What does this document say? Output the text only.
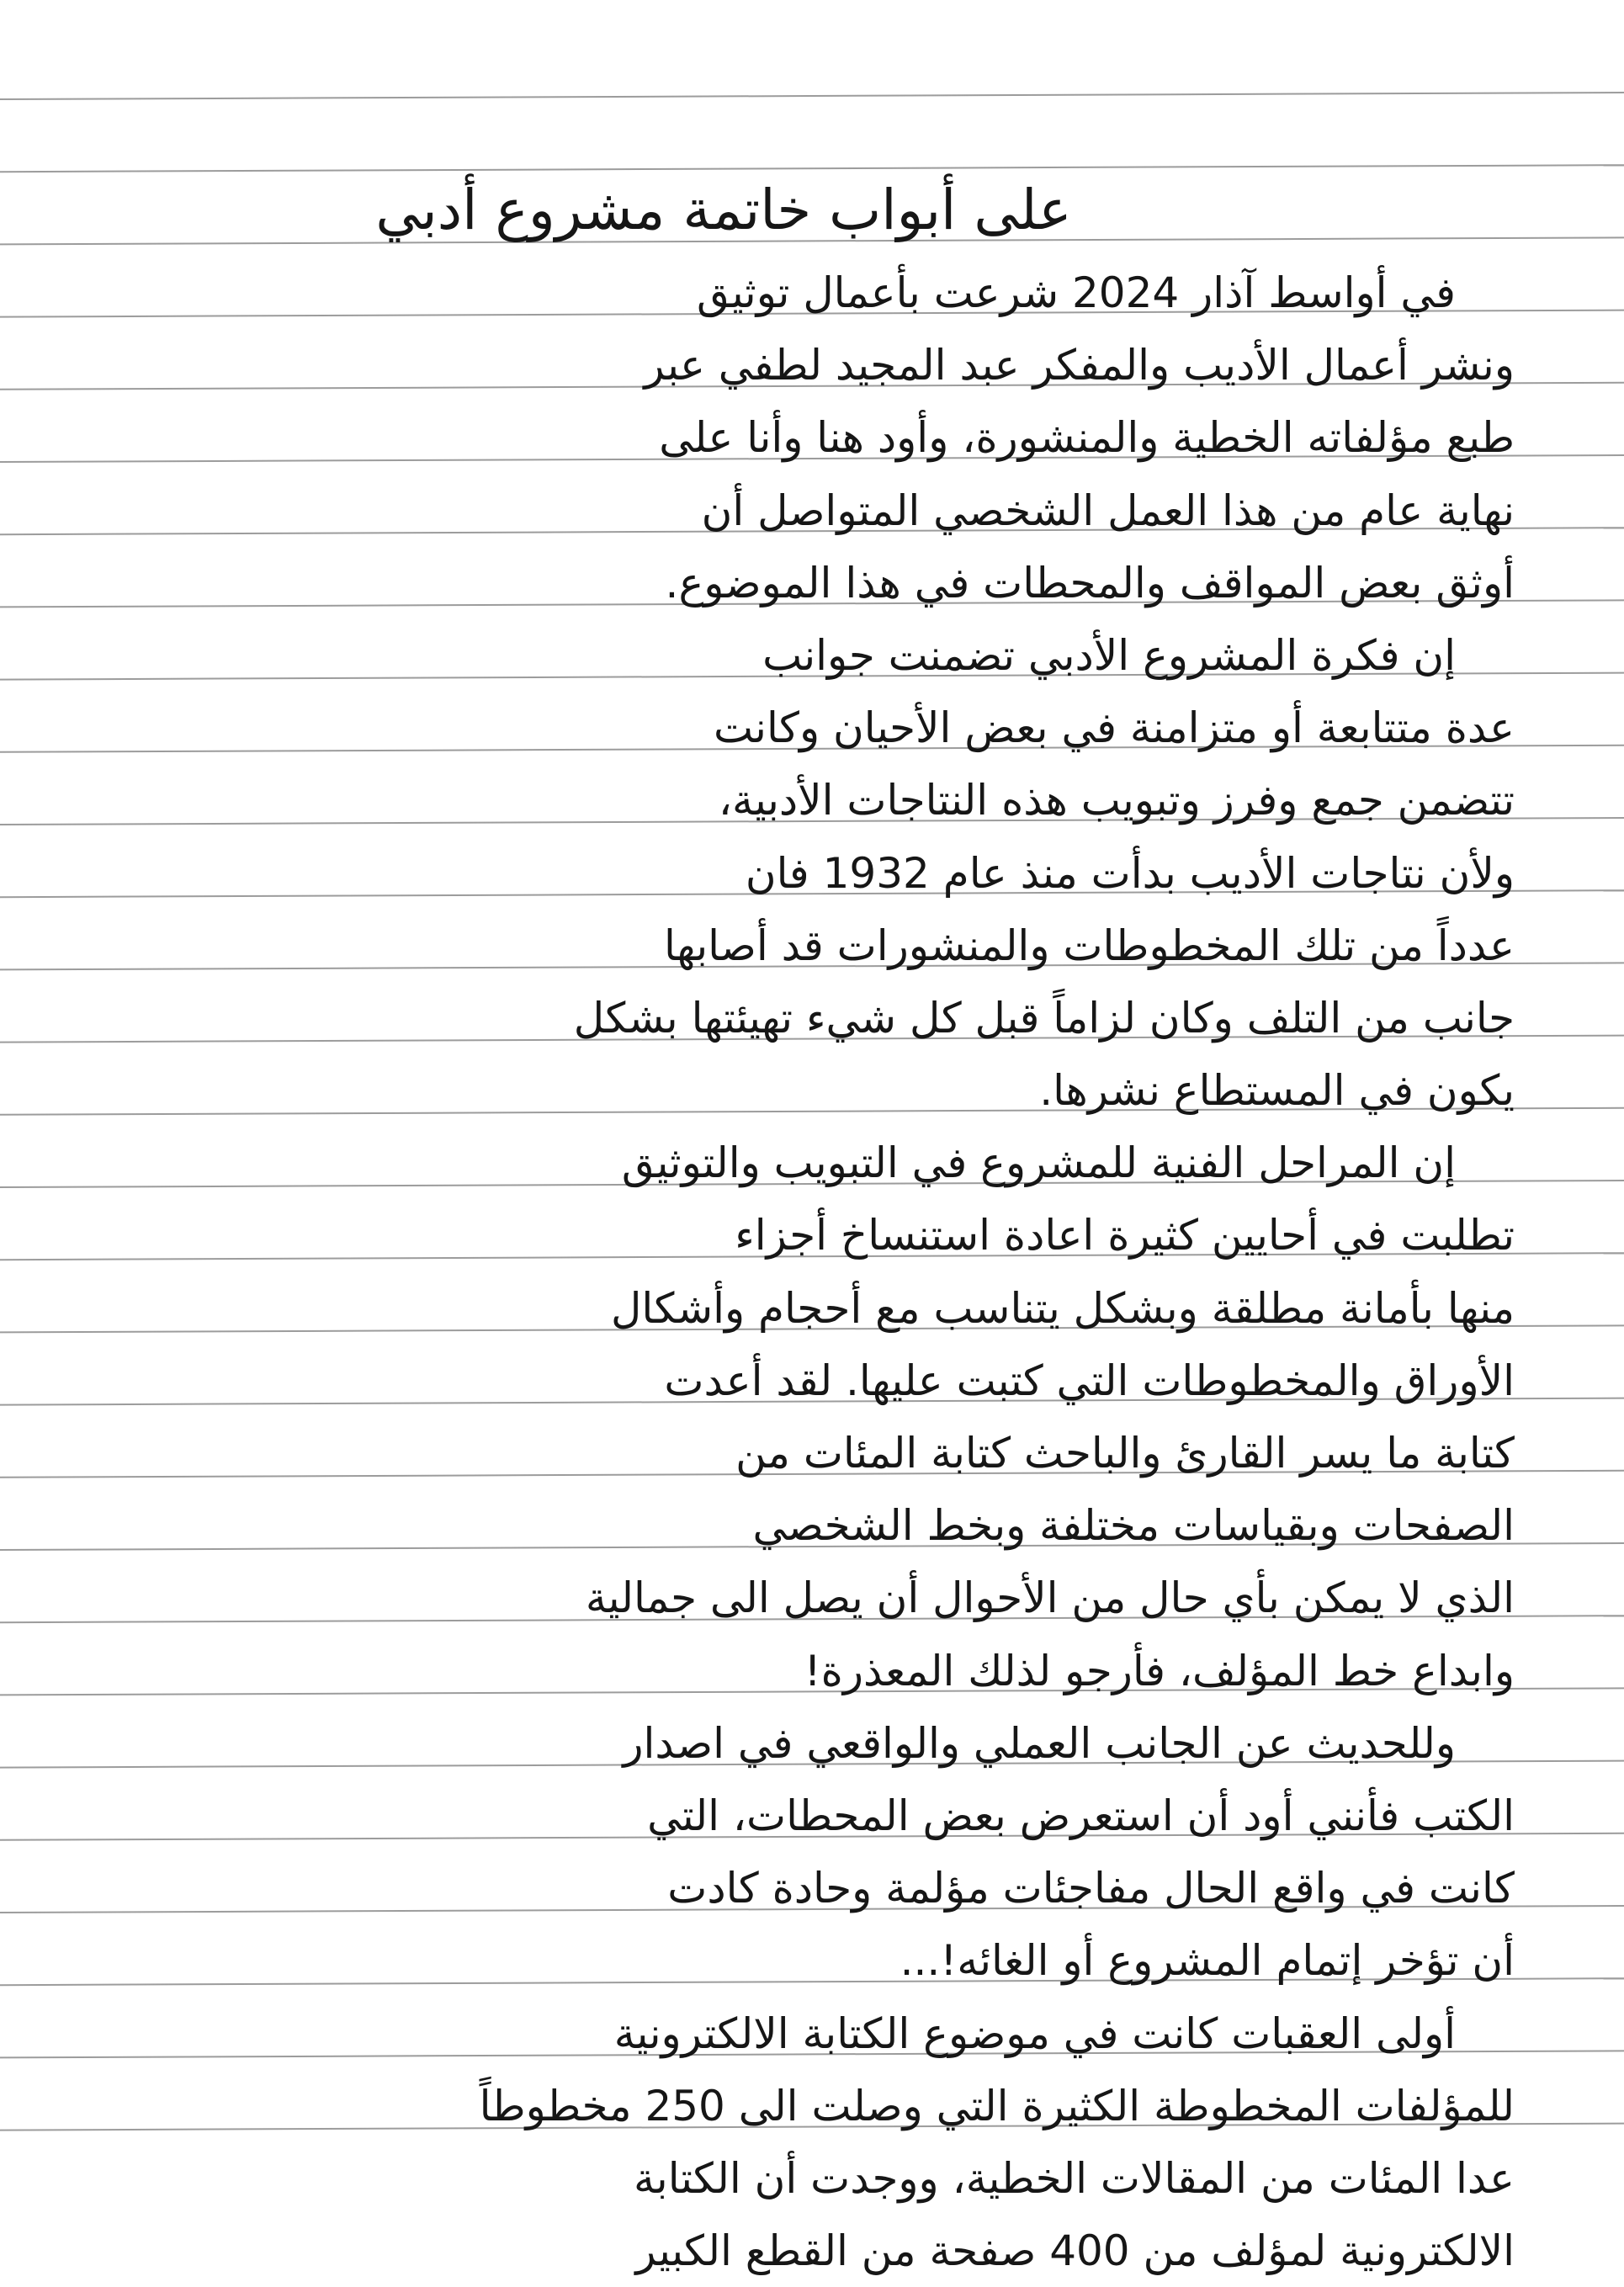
على أبواب خاتمة مشروع أدبي
في أواسط آذار 2024 شرعت بأعمال توثيق
ونشر أعمال الأديب والمفكر عبد المجيد لطفي عبر
طبع مؤلفاته الخطية والمنشورة، وأود هنا وأنا على
نهاية عام من هذا العمل الشخصي المتواصل أن
أوثق بعض المواقف والمحطات في هذا الموضوع.
إن فكرة المشروع الأدبي تضمنت جوانب
عدة متتابعة أو متزامنة في بعض الأحيان وكانت
تتضمن جمع وفرز وتبويب هذه النتاجات الأدبية،
ولأن نتاجات الأديب بدأت منذ عام 1932 فان
عدداً من تلك المخطوطات والمنشورات قد أصابها
جانب من التلف وكان لزاماً قبل كل شيء تهيئتها بشكل
يكون في المستطاع نشرها.
إن المراحل الفنية للمشروع في التبويب والتوثيق
تطلبت في أحايين كثيرة اعادة استنساخ أجزاء
منها بأمانة مطلقة وبشكل يتناسب مع أحجام وأشكال
الأوراق والمخطوطات التي كتبت عليها. لقد أعدت
كتابة ما يسر القارئ والباحث كتابة المئات من
الصفحات وبقياسات مختلفة وبخط الشخصي
الذي لا يمكن بأي حال من الأحوال أن يصل الى جمالية
وابداع خط المؤلف، فأرجو لذلك المعذرة!
وللحديث عن الجانب العملي والواقعي في اصدار
الكتب فأنني أود أن استعرض بعض المحطات، التي
كانت في واقع الحال مفاجئات مؤلمة وحادة كادت
أن تؤخر إتمام المشروع أو الغائه!...
أولى العقبات كانت في موضوع الكتابة الالكترونية
للمؤلفات المخطوطة الكثيرة التي وصلت الى 250 مخطوطاً
عدا المئات من المقالات الخطية، ووجدت أن الكتابة
الالكترونية لمؤلف من 400 صفحة من القطع الكبير
